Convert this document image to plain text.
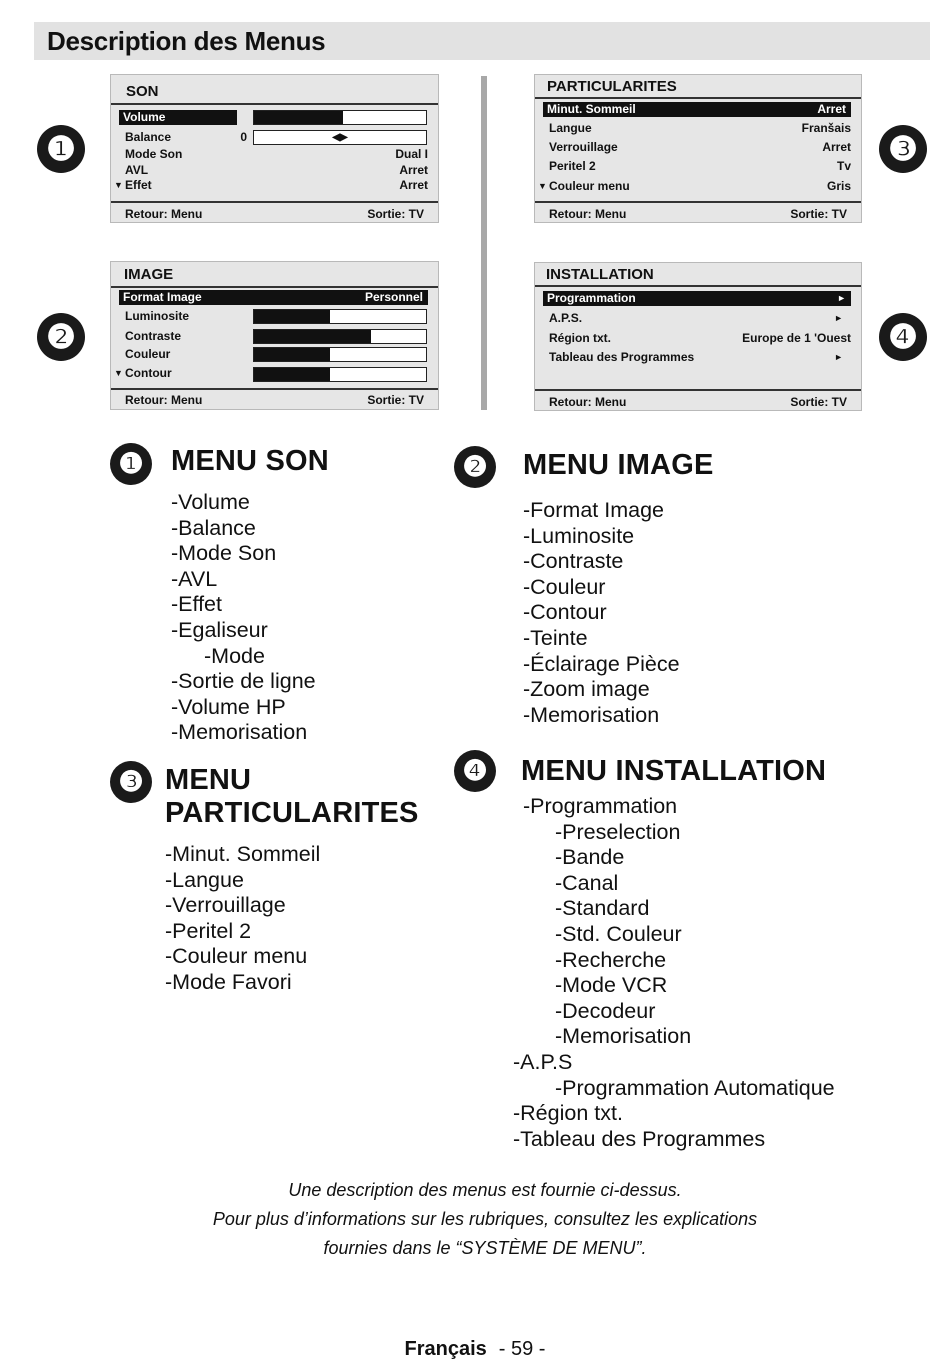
Description des Menus
❶
❷
❸
❹
SON
Volume
Balance	0	◀▶
Mode Son	Dual I
AVL	Arret
▼ Effet	Arret
Retour: Menu	Sortie: TV
IMAGE
Format Image	Personnel
Luminosite
Contraste
Couleur
▼ Contour
Retour: Menu	Sortie: TV
PARTICULARITES
Minut. Sommeil	Arret
Langue	Franšais
Verrouillage	Arret
Peritel 2	Tv
▼ Couleur menu	Gris
Retour: Menu	Sortie: TV
INSTALLATION
Programmation	►
A.P.S.	►
Région txt.	Europe de 1 'Ouest
Tableau des Programmes	►
Retour: Menu	Sortie: TV
❶ MENU SON
-Volume
-Balance
-Mode Son
-AVL
-Effet
-Egaliseur
-Mode
-Sortie de ligne
-Volume HP
-Memorisation
❷ MENU IMAGE
-Format Image
-Luminosite
-Contraste
-Couleur
-Contour
-Teinte
-Éclairage Pièce
-Zoom image
-Memorisation
❸ MENU
PARTICULARITES
-Minut. Sommeil
-Langue
-Verrouillage
-Peritel 2
-Couleur menu
-Mode Favori
❹ MENU INSTALLATION
-Programmation
-Preselection
-Bande
-Canal
-Standard
-Std. Couleur
-Recherche
-Mode VCR
-Decodeur
-Memorisation
-A.P.S
-Programmation Automatique
-Région txt.
-Tableau des Programmes
Une description des menus est fournie ci-dessus.
Pour plus d’informations sur les rubriques, consultez les explications
fournies dans le “SYSTÈME DE MENU”.
Français - 59 -
